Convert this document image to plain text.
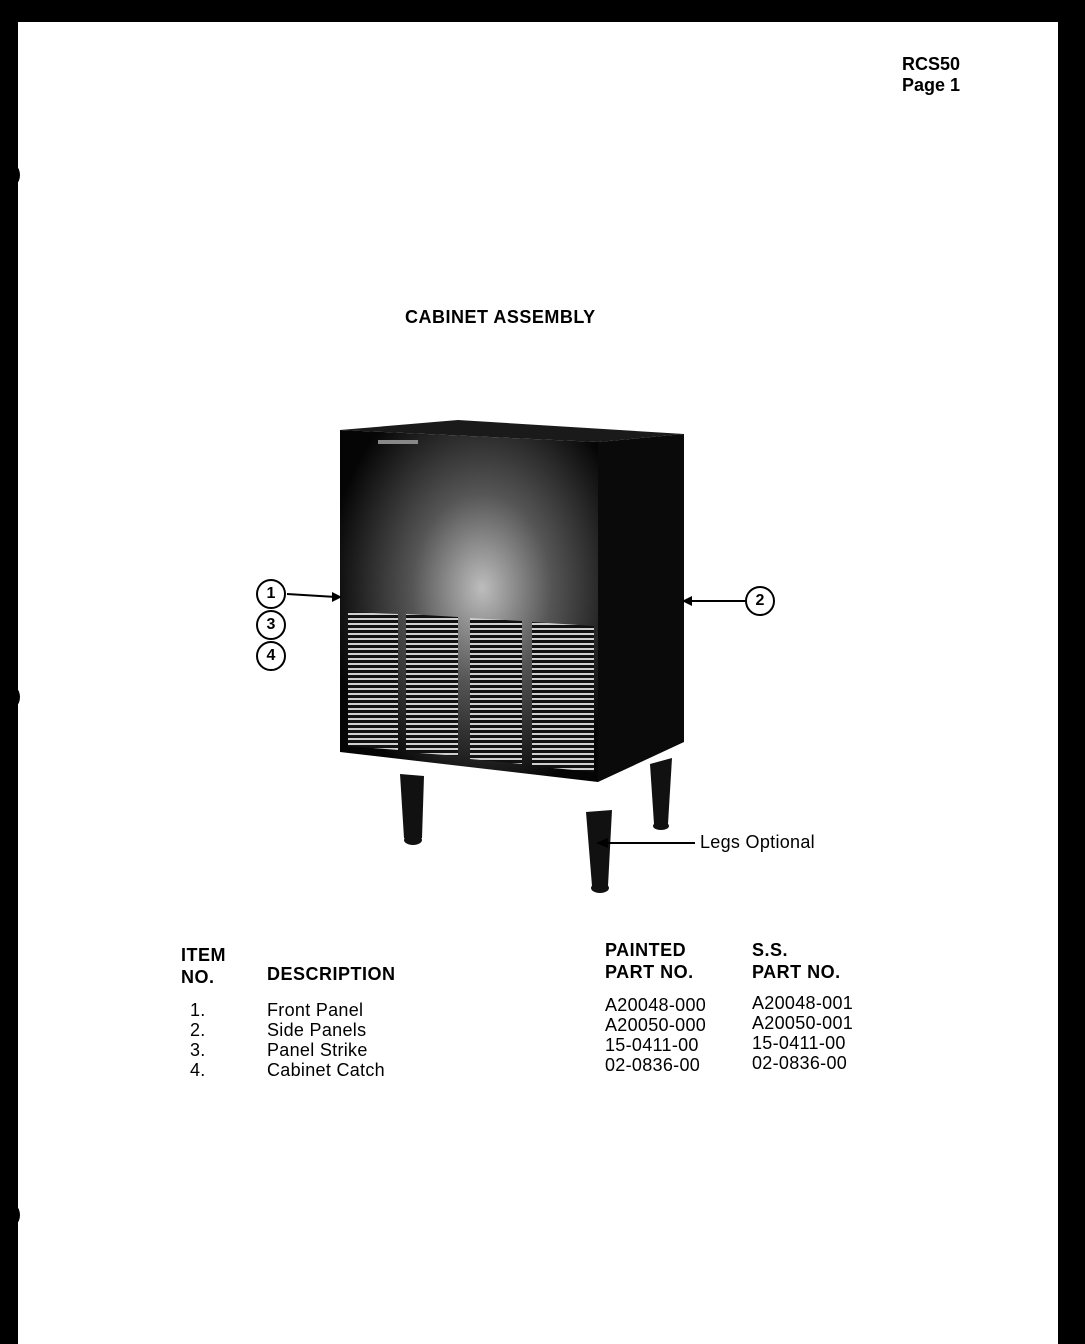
RCS50
Page 1
CABINET ASSEMBLY
1
3
4
2
Legs Optional
ITEM
NO.	DESCRIPTION
PAINTED
PART NO.
S.S.
PART NO.
1.
2.
3.
4.
Front Panel
Side Panels
Panel Strike
Cabinet Catch
A20048-000
A20050-000
15-0411-00
02-0836-00
A20048-001
A20050-001
15-0411-00
02-0836-00
ı
